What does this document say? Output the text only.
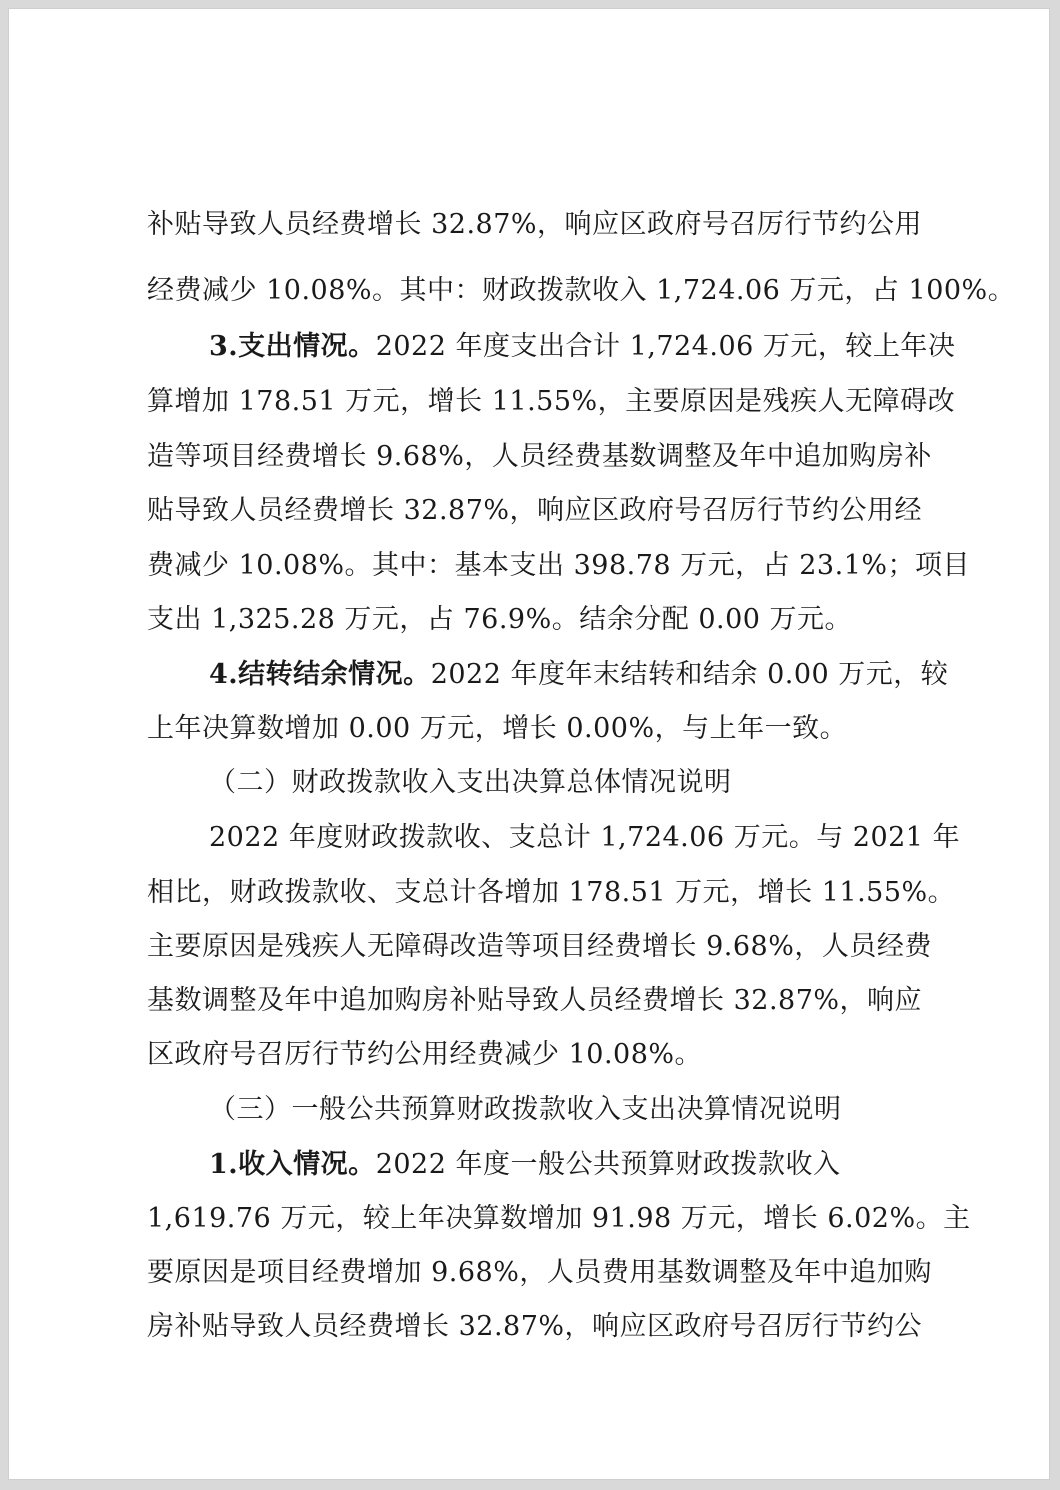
补贴导致人员经费增长 32.87%，响应区政府号召厉行节约公用
经费减少 10.08%。其中：财政拨款收入 1,724.06 万元，占 100%。
3.支出情况。2022 年度支出合计 1,724.06 万元，较上年决
算增加 178.51 万元，增长 11.55%，主要原因是残疾人无障碍改
造等项目经费增长 9.68%，人员经费基数调整及年中追加购房补
贴导致人员经费增长 32.87%，响应区政府号召厉行节约公用经
费减少 10.08%。其中：基本支出 398.78 万元，占 23.1%；项目
支出 1,325.28 万元，占 76.9%。结余分配 0.00 万元。
4.结转结余情况。2022 年度年末结转和结余 0.00 万元，较
上年决算数增加 0.00 万元，增长 0.00%，与上年一致。
（二）财政拨款收入支出决算总体情况说明
2022 年度财政拨款收、支总计 1,724.06 万元。与 2021 年
相比，财政拨款收、支总计各增加 178.51 万元，增长 11.55%。
主要原因是残疾人无障碍改造等项目经费增长 9.68%，人员经费
基数调整及年中追加购房补贴导致人员经费增长 32.87%，响应
区政府号召厉行节约公用经费减少 10.08%。
（三）一般公共预算财政拨款收入支出决算情况说明
1.收入情况。2022 年度一般公共预算财政拨款收入
1,619.76 万元，较上年决算数增加 91.98 万元，增长 6.02%。主
要原因是项目经费增加 9.68%，人员费用基数调整及年中追加购
房补贴导致人员经费增长 32.87%，响应区政府号召厉行节约公
